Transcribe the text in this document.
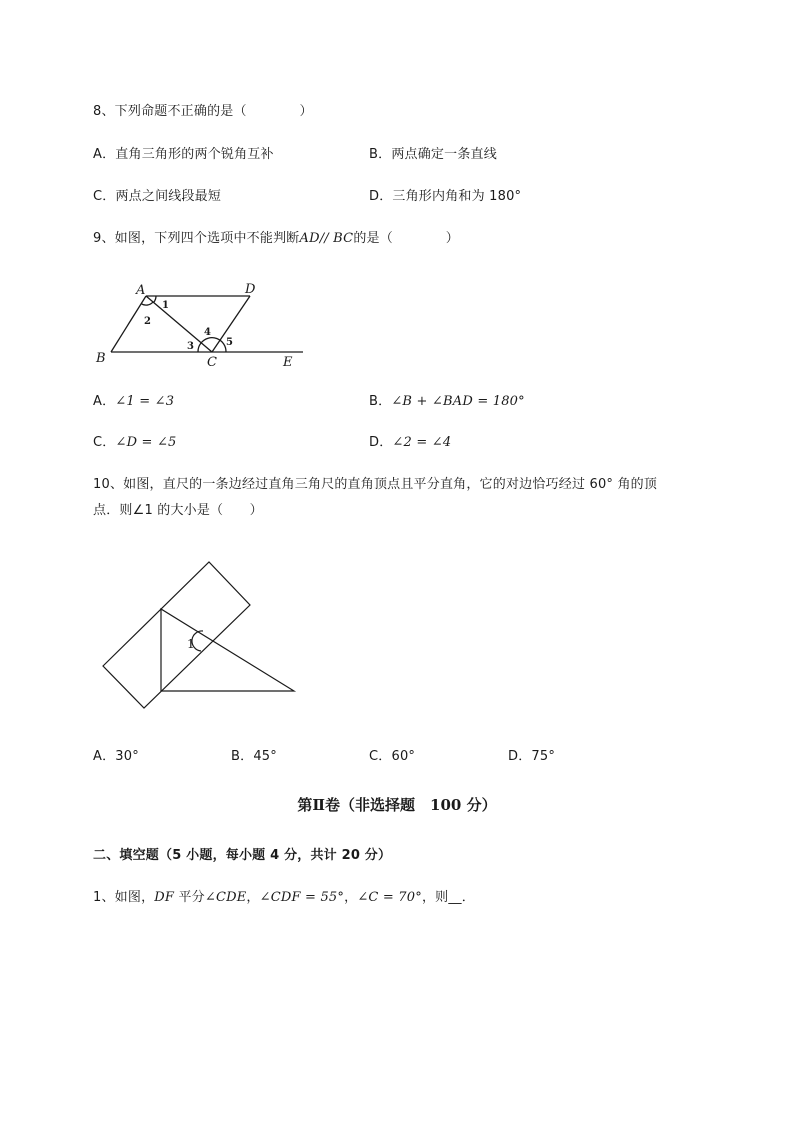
8、下列命题不正确的是（　　　　）
A．直角三角形的两个锐角互补	B．两点确定一条直线
C．两点之间线段最短	D．三角形内角和为 180°
9、如图，下列四个选项中不能判断AD// BC的是（　　　　）
A	D
B	C	E
1
2
3
4
5
A．∠1 = ∠3	B．∠B + ∠BAD = 180°
C．∠D = ∠5	D．∠2 = ∠4
10、如图，直尺的一条边经过直角三角尺的直角顶点且平分直角，它的对边恰巧经过 60° 角的顶
点．则∠1 的大小是（　　）
1
A．30°	B．45°	C．60°	D．75°
第Ⅱ卷（非选择题　100 分）
二、填空题（5 小题，每小题 4 分，共计 20 分）
1、如图，DF 平分∠CDE，∠CDF = 55°，∠C = 70°，则__．
